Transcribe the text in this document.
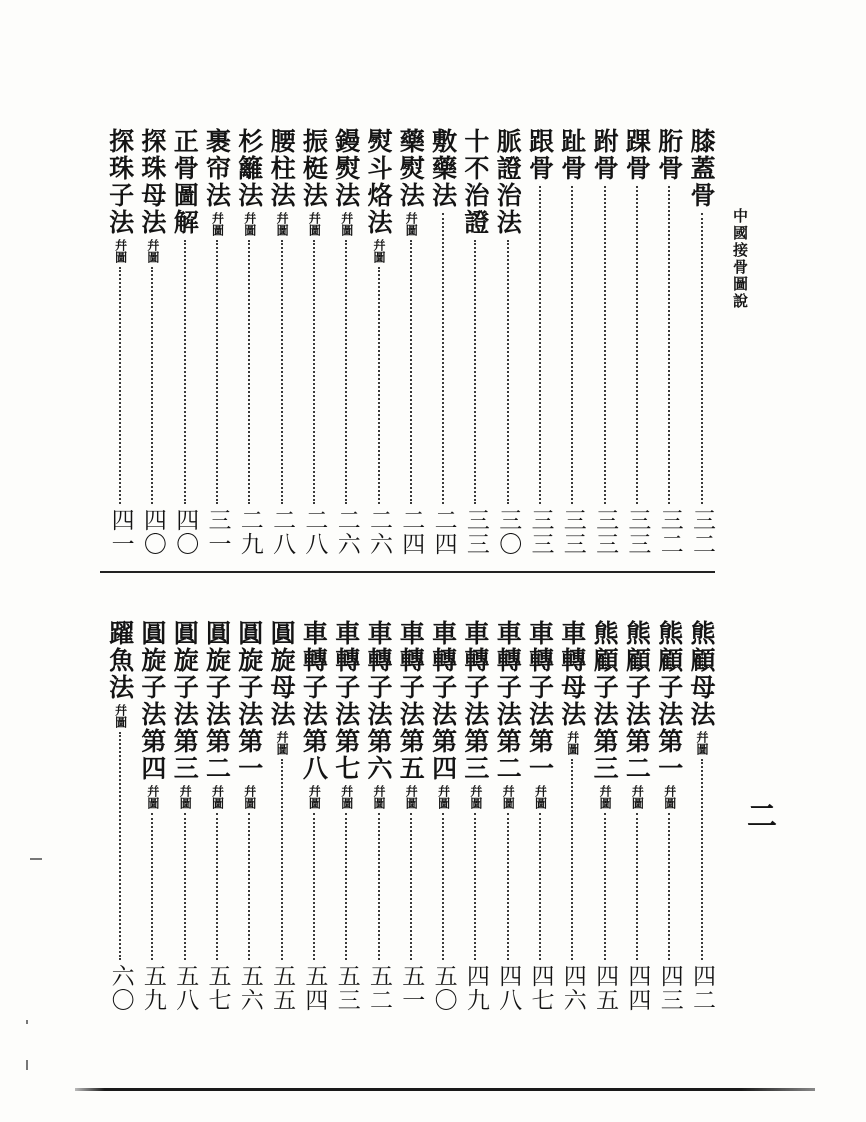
中國接骨圖說
二
膝蓋骨
三二
胻骨
三二
踝骨
三三
跗骨
三三
趾骨
三三
跟骨
三三
脈證治法
三〇
十不治證
三三
敷藥法
二四
藥熨法
幷圖
二四
熨斗烙法
幷圖
二六
鏝熨法
幷圖
二六
振梃法
幷圖
二八
腰柱法
幷圖
二八
杉籬法
幷圖
二九
裹帘法
幷圖
三一
正骨圖解
四〇
探珠母法
幷圖
四〇
探珠子法
幷圖
四一
熊顧母法
幷圖
四二
熊顧子法第一
幷圖
四三
熊顧子法第二
幷圖
四四
熊顧子法第三
幷圖
四五
車轉母法
幷圖
四六
車轉子法第一
幷圖
四七
車轉子法第二
幷圖
四八
車轉子法第三
幷圖
四九
車轉子法第四
幷圖
五〇
車轉子法第五
幷圖
五一
車轉子法第六
幷圖
五二
車轉子法第七
幷圖
五三
車轉子法第八
幷圖
五四
圓旋母法
幷圖
五五
圓旋子法第一
幷圖
五六
圓旋子法第二
幷圖
五七
圓旋子法第三
幷圖
五八
圓旋子法第四
幷圖
五九
躍魚法
幷圖
六〇
